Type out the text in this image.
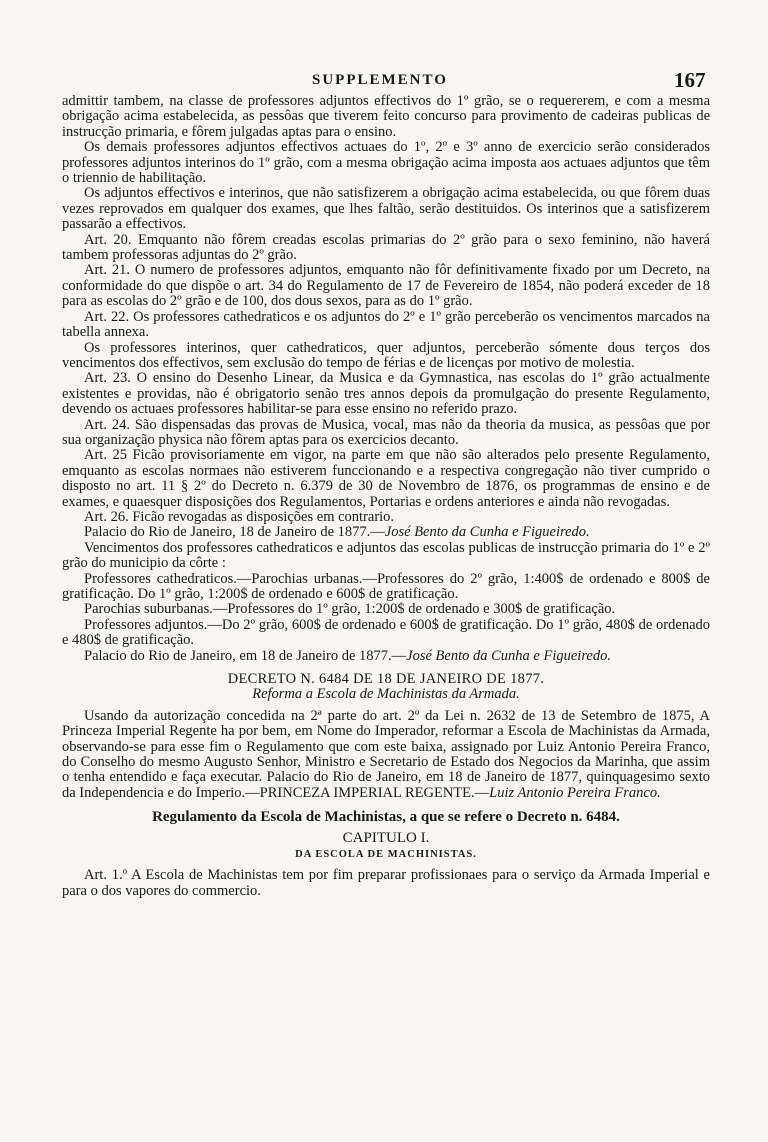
SUPPLEMENTO	167

admittir tambem, na classe de professores adjuntos effectivos do 1º grão, se o requererem, e com a mesma obrigação acima estabelecida, as pessôas que tiverem feito concurso para provimento de cadeiras publicas de instrucção primaria, e fôrem julgadas aptas para o ensino.

Os demais professores adjuntos effectivos actuaes do 1º, 2º e 3º anno de exercicio serão considerados professores adjuntos interinos do 1º grão, com a mesma obrigação acima imposta aos actuaes adjuntos que têm o triennio de habilitação.

Os adjuntos effectivos e interinos, que não satisfizerem a obrigação acima estabelecida, ou que fôrem duas vezes reprovados em qualquer dos exames, que lhes faltão, serão destituidos. Os interinos que a satisfizerem passarão a effectivos.

Art. 20. Emquanto não fôrem creadas escolas primarias do 2º grão para o sexo feminino, não haverá tambem professoras adjuntas do 2º grão.

Art. 21. O numero de professores adjuntos, emquanto não fôr definitivamente fixado por um Decreto, na conformidade do que dispõe o art. 34 do Regulamento de 17 de Fevereiro de 1854, não poderá exceder de 18 para as escolas do 2º grão e de 100, dos dous sexos, para as do 1º grão.

Art. 22. Os professores cathedraticos e os adjuntos do 2º e 1º grão perceberão os vencimentos marcados na tabella annexa.

Os professores interinos, quer cathedraticos, quer adjuntos, perceberão sómente dous terços dos vencimentos dos effectivos, sem exclusão do tempo de férias e de licenças por motivo de molestia.

Art. 23. O ensino do Desenho Linear, da Musica e da Gymnastica, nas escolas do 1º grão actualmente existentes e providas, não é obrigatorio senão tres annos depois da promulgação do presente Regulamento, devendo os actuaes professores habilitar-se para esse ensino no referido prazo.

Art. 24. São dispensadas das provas de Musica, vocal, mas não da theoria da musica, as pessôas que por sua organização physica não fôrem aptas para os exercicios decanto.

Art. 25 Ficão provisoriamente em vigor, na parte em que não são alterados pelo presente Regulamento, emquanto as escolas normaes não estiverem funccionando e a respectiva congregação não tiver cumprido o disposto no art. 11 § 2º do Decreto n. 6.379 de 30 de Novembro de 1876, os programmas de ensino e de exames, e quaesquer disposições dos Regulamentos, Portarias e ordens anteriores e ainda não revogadas.

Art. 26. Ficão revogadas as disposições em contrario.

Palacio do Rio de Janeiro, 18 de Janeiro de 1877.—José Bento da Cunha e Figueiredo.

Vencimentos dos professores cathedraticos e adjuntos das escolas publicas de instrucção primaria do 1º e 2º grão do municipio da côrte :

Professores cathedraticos.—Parochias urbanas.—Professores do 2º grão, 1:400$ de ordenado e 800$ de gratificação. Do 1º grão, 1:200$ de ordenado e 600$ de gratificação.

Parochias suburbanas.—Professores do 1º grão, 1:200$ de ordenado e 300$ de gratificação.

Professores adjuntos.—Do 2º grão, 600$ de ordenado e 600$ de gratificação. Do 1º grão, 480$ de ordenado e 480$ de gratificação.

Palacio do Rio de Janeiro, em 18 de Janeiro de 1877.—José Bento da Cunha e Figueiredo.

DECRETO N. 6484 DE 18 DE JANEIRO DE 1877.
Reforma a Escola de Machinistas da Armada.

Usando da autorização concedida na 2ª parte do art. 2º da Lei n. 2632 de 13 de Setembro de 1875, A Princeza Imperial Regente ha por bem, em Nome do Imperador, reformar a Escola de Machinistas da Armada, observando-se para esse fim o Regulamento que com este baixa, assignado por Luiz Antonio Pereira Franco, do Conselho do mesmo Augusto Senhor, Ministro e Secretario de Estado dos Negocios da Marinha, que assim o tenha entendido e faça executar. Palacio do Rio de Janeiro, em 18 de Janeiro de 1877, quinquagesimo sexto da Independencia e do Imperio.—PRINCEZA IMPERIAL REGENTE.—Luiz Antonio Pereira Franco.

Regulamento da Escola de Machinistas, a que se refere o Decreto n. 6484.
CAPITULO I.
DA ESCOLA DE MACHINISTAS.

Art. 1.º A Escola de Machinistas tem por fim preparar profissionaes para o serviço da Armada Imperial e para o dos vapores do commercio.
